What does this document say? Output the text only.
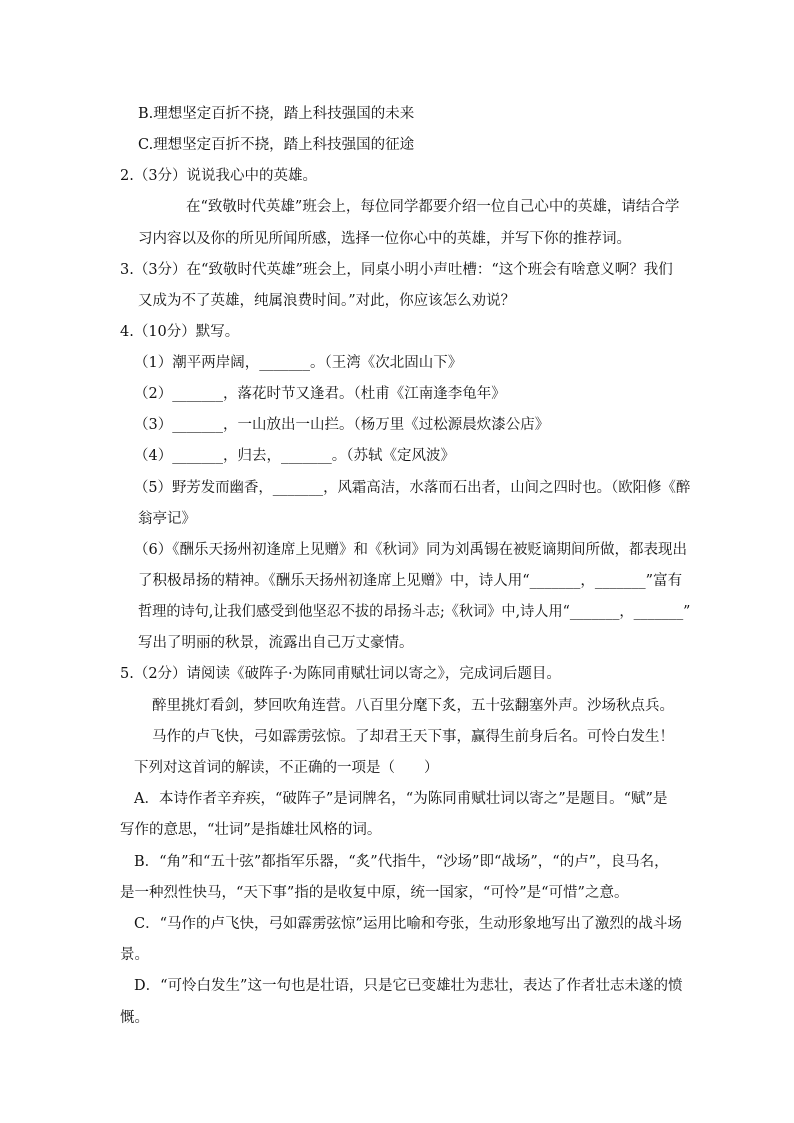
B.理想坚定百折不挠，踏上科技强国的未来
C.理想坚定百折不挠，踏上科技强国的征途
2.（3分）说说我心中的英雄。
在“致敬时代英雄”班会上，每位同学都要介绍一位自己心中的英雄，请结合学
习内容以及你的所见所闻所感，选择一位你心中的英雄，并写下你的推荐词。
3.（3分）在“致敬时代英雄”班会上，同桌小明小声吐槽：“这个班会有啥意义啊？我们
又成为不了英雄，纯属浪费时间。”对此，你应该怎么劝说？
4.（10分）默写。
（1）潮平两岸阔，_______。（王湾《次北固山下》
（2）_______，落花时节又逢君。（杜甫《江南逢李龟年》
（3）_______，一山放出一山拦。（杨万里《过松源晨炊漆公店》
（4）_______，归去，_______。（苏轼《定风波》
（5）野芳发而幽香，_______，风霜高洁，水落而石出者，山间之四时也。（欧阳修《醉
翁亭记》
（6）《酬乐天扬州初逢席上见赠》和《秋词》同为刘禹锡在被贬谪期间所做，都表现出
了积极昂扬的精神。《酬乐天扬州初逢席上见赠》中，诗人用“_______，_______”富有
哲理的诗句,让我们感受到他坚忍不拔的昂扬斗志;《秋词》中,诗人用“_______，_______”
写出了明丽的秋景，流露出自己万丈豪情。
5.（2分）请阅读《破阵子·为陈同甫赋壮词以寄之》，完成词后题目。
醉里挑灯看剑，梦回吹角连营。八百里分麾下炙，五十弦翻塞外声。沙场秋点兵。
马作的卢飞快，弓如霹雳弦惊。了却君王天下事，赢得生前身后名。可怜白发生！
下列对这首词的解读，不正确的一项是（　　）
A．本诗作者辛弃疾，“破阵子”是词牌名，“为陈同甫赋壮词以寄之”是题目。“赋”是
写作的意思，“壮词”是指雄壮风格的词。
B．“角”和“五十弦”都指军乐器，“炙”代指牛，“沙场”即“战场”，“的卢”，良马名，
是一种烈性快马，“天下事”指的是收复中原，统一国家，“可怜”是“可惜”之意。
C．“马作的卢飞快，弓如霹雳弦惊”运用比喻和夸张，生动形象地写出了激烈的战斗场
景。
D．“可怜白发生”这一句也是壮语，只是它已变雄壮为悲壮，表达了作者壮志未遂的愤
慨。
